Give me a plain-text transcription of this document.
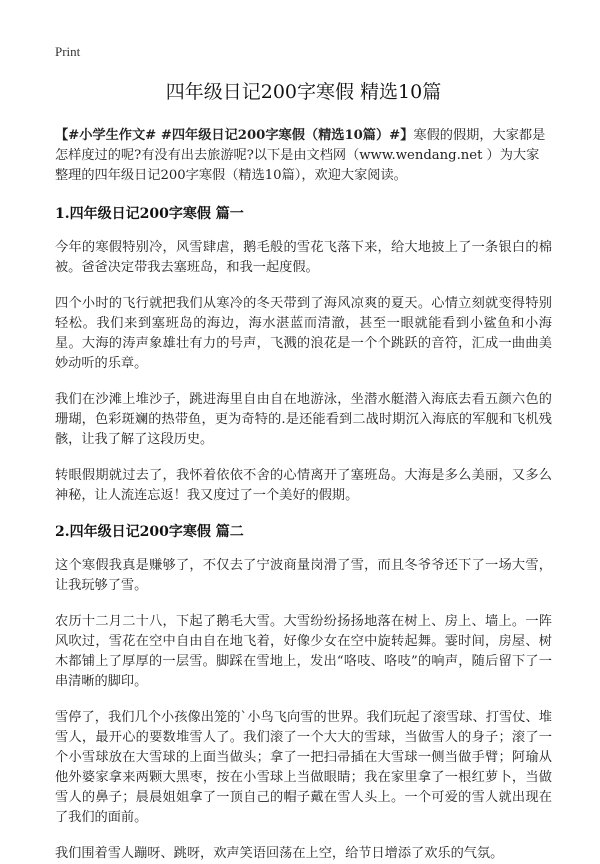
Print
四年级日记200字寒假 精选10篇

【#小学生作文# #四年级日记200字寒假（精选10篇）#】寒假的假期，大家都是怎样度过的呢?有没有出去旅游呢?以下是由文档网（www.wendang.net ）为大家整理的四年级日记200字寒假（精选10篇），欢迎大家阅读。

1.四年级日记200字寒假 篇一

今年的寒假特别冷，风雪肆虐，鹅毛般的雪花飞落下来，给大地披上了一条银白的棉被。爸爸决定带我去塞班岛，和我一起度假。

四个小时的飞行就把我们从寒冷的冬天带到了海风凉爽的夏天。心情立刻就变得特别轻松。我们来到塞班岛的海边，海水湛蓝而清澈，甚至一眼就能看到小鲨鱼和小海星。大海的涛声象雄壮有力的号声，飞溅的浪花是一个个跳跃的音符，汇成一曲曲美妙动听的乐章。

我们在沙滩上堆沙子，跳进海里自由自在地游泳，坐潜水艇潜入海底去看五颜六色的珊瑚，色彩斑斓的热带鱼，更为奇特的.是还能看到二战时期沉入海底的军舰和飞机残骸，让我了解了这段历史。

转眼假期就过去了，我怀着依依不舍的心情离开了塞班岛。大海是多么美丽，又多么神秘，让人流连忘返！我又度过了一个美好的假期。

2.四年级日记200字寒假 篇二

这个寒假我真是赚够了，不仅去了宁波商量岗滑了雪，而且冬爷爷还下了一场大雪，让我玩够了雪。

农历十二月二十八，下起了鹅毛大雪。大雪纷纷扬扬地落在树上、房上、墙上。一阵风吹过，雪花在空中自由自在地飞着，好像少女在空中旋转起舞。霎时间，房屋、树木都铺上了厚厚的一层雪。脚踩在雪地上，发出“咯吱、咯吱”的响声，随后留下了一串清晰的脚印。

雪停了，我们几个小孩像出笼的`小鸟飞向雪的世界。我们玩起了滚雪球、打雪仗、堆雪人，最开心的要数堆雪人了。我们滚了一个大大的雪球，当做雪人的身子；滚了一个小雪球放在大雪球的上面当做头；拿了一把扫帚插在大雪球一侧当做手臂；阿瑜从他外婆家拿来两颗大黑枣，按在小雪球上当做眼睛；我在家里拿了一根红萝卜，当做雪人的鼻子；晨晨姐姐拿了一顶自己的帽子戴在雪人头上。一个可爱的雪人就出现在了我们的面前。

我们围着雪人蹦呀、跳呀，欢声笑语回荡在上空，给节日增添了欢乐的气氛。
